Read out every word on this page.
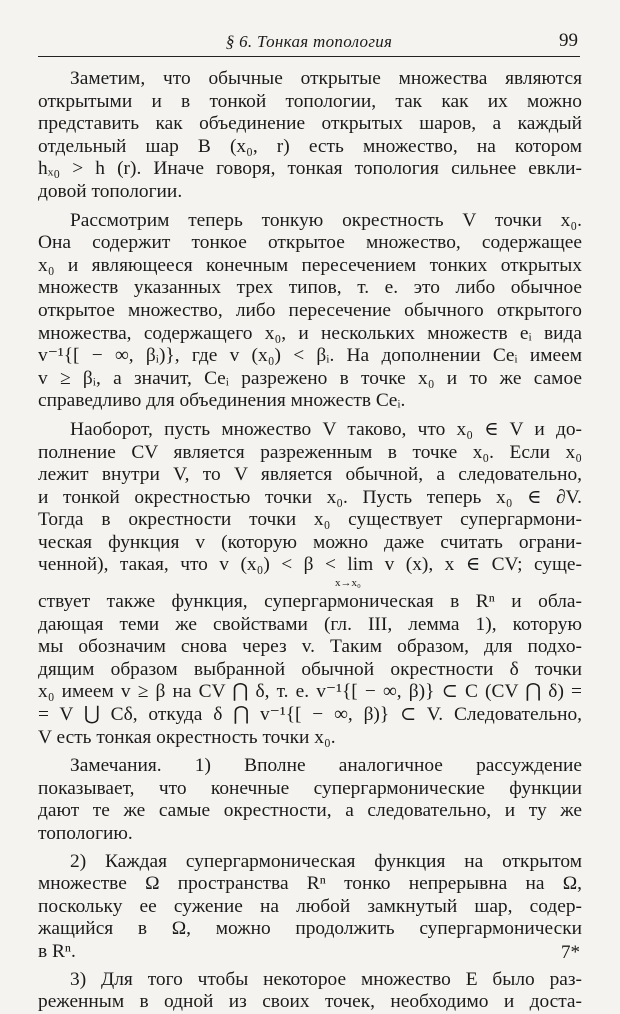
§ 6. Тонкая топология	99
Заметим, что обычные открытые множества являются
открытыми и в тонкой топологии, так как их можно
представить как объединение открытых шаров, а каждый
отдельный шар B (x₀, r) есть множество, на котором
hₓ₀ > h (r). Иначе говоря, тонкая топология сильнее евкли-
довой топологии.
Рассмотрим теперь тонкую окрестность V точки x₀.
Она содержит тонкое открытое множество, содержащее
x₀ и являющееся конечным пересечением тонких открытых
множеств указанных трех типов, т. е. это либо обычное
открытое множество, либо пересечение обычного открытого
множества, содержащего x₀, и нескольких множеств eᵢ вида
v⁻¹{[ − ∞, βᵢ)}, где v (x₀) < βᵢ. На дополнении Ceᵢ имеем
v ≥ βᵢ, а значит, Ceᵢ разрежено в точке x₀ и то же самое
справедливо для объединения множеств Ceᵢ.
Наоборот, пусть множество V таково, что x₀ ∈ V и до-
полнение CV является разреженным в точке x₀. Если x₀
лежит внутри V, то V является обычной, а следовательно,
и тонкой окрестностью точки x₀. Пусть теперь x₀ ∈ ∂V.
Тогда в окрестности точки x₀ существует супергармони-
ческая функция v (которую можно даже считать ограни-
ченной), такая, что v (x₀) < β < lim v (x), x ∈ CV; суще-
x→x₀
ствует также функция, супергармоническая в Rⁿ и обла-
дающая теми же свойствами (гл. III, лемма 1), которую
мы обозначим снова через v. Таким образом, для подхо-
дящим образом выбранной обычной окрестности δ точки
x₀ имеем v ≥ β на CV ⋂ δ, т. е. v⁻¹{[ − ∞, β)} ⊂ C (CV ⋂ δ) =
= V ⋃ Cδ, откуда δ ⋂ v⁻¹{[ − ∞, β)} ⊂ V. Следовательно,
V есть тонкая окрестность точки x₀.
Замечания. 1) Вполне аналогичное рассуждение
показывает, что конечные супергармонические функции
дают те же самые окрестности, а следовательно, и ту же
топологию.
2) Каждая супергармоническая функция на открытом
множестве Ω пространства Rⁿ тонко непрерывна на Ω,
поскольку ее сужение на любой замкнутый шар, содер-
жащийся в Ω, можно продолжить супергармонически
в Rⁿ.
3) Для того чтобы некоторое множество E было раз-
реженным в одной из своих точек, необходимо и доста-
7*
